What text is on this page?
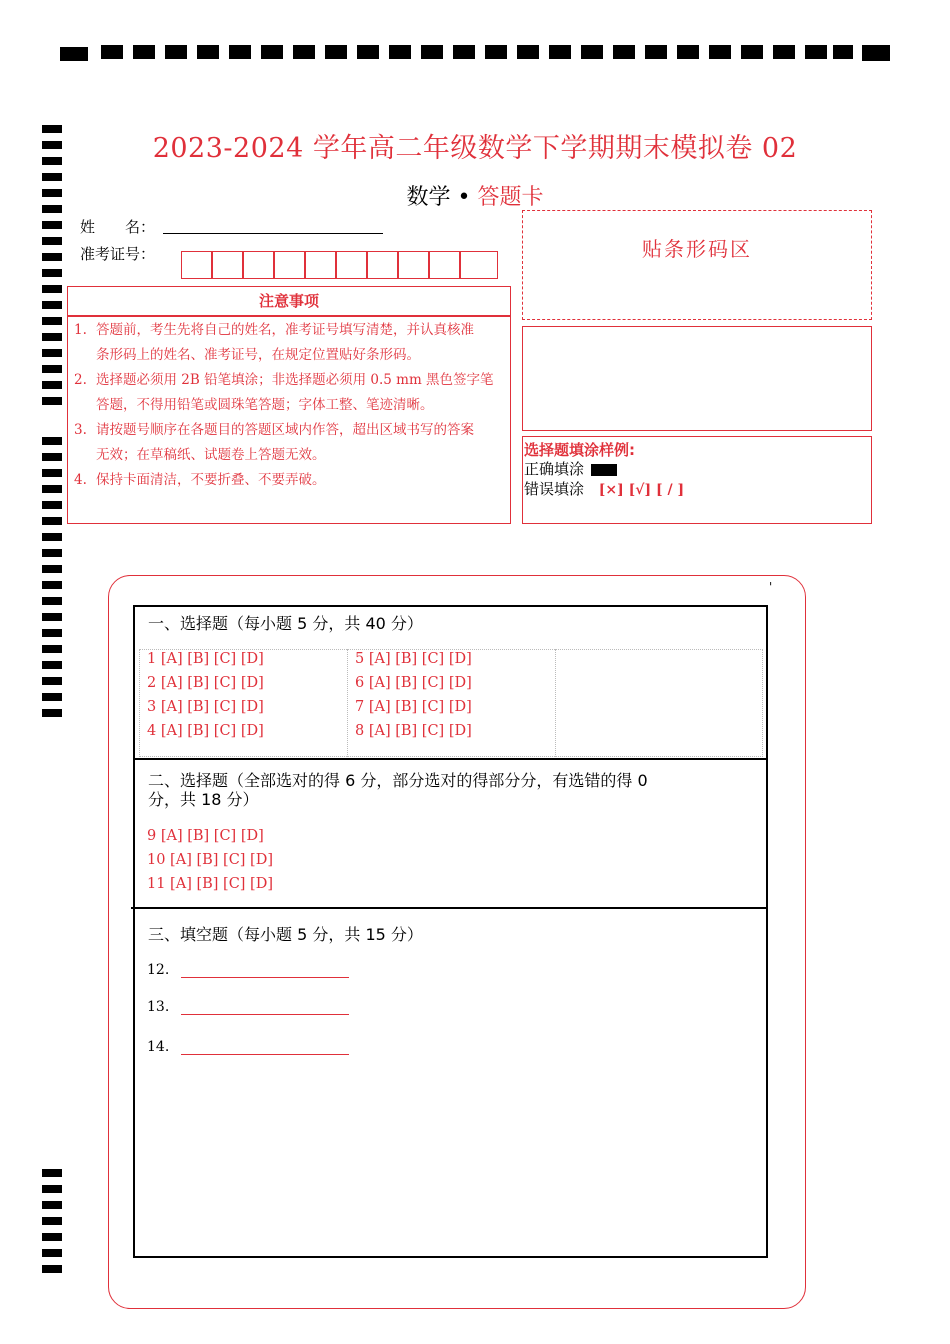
2023-2024 学年高二年级数学下学期期末模拟卷 02
数学 • 答题卡
姓　　名：
准考证号：
注意事项
1. 答题前，考生先将自己的姓名，准考证号填写清楚，并认真核准
条形码上的姓名、准考证号，在规定位置贴好条形码。
2. 选择题必须用 2B 铅笔填涂；非选择题必须用 0.5 mm 黑色签字笔
答题，不得用铅笔或圆珠笔答题；字体工整、笔迹清晰。
3. 请按题号顺序在各题目的答题区域内作答，超出区域书写的答案
无效；在草稿纸、试题卷上答题无效。
4. 保持卡面清洁，不要折叠、不要弄破。
贴条形码区
选择题填涂样例:
正确填涂
错误填涂 [×] [√] [ / ]
'
一、选择题（每小题 5 分，共 40 分）
1 [A] [B] [C] [D]
2 [A] [B] [C] [D]
3 [A] [B] [C] [D]
4 [A] [B] [C] [D]
5 [A] [B] [C] [D]
6 [A] [B] [C] [D]
7 [A] [B] [C] [D]
8 [A] [B] [C] [D]
二、选择题（全部选对的得 6 分，部分选对的得部分分，有选错的得 0
分，共 18 分）
9 [A] [B] [C] [D]
10 [A] [B] [C] [D]
11 [A] [B] [C] [D]
三、填空题（每小题 5 分，共 15 分）
12.
13.
14.
